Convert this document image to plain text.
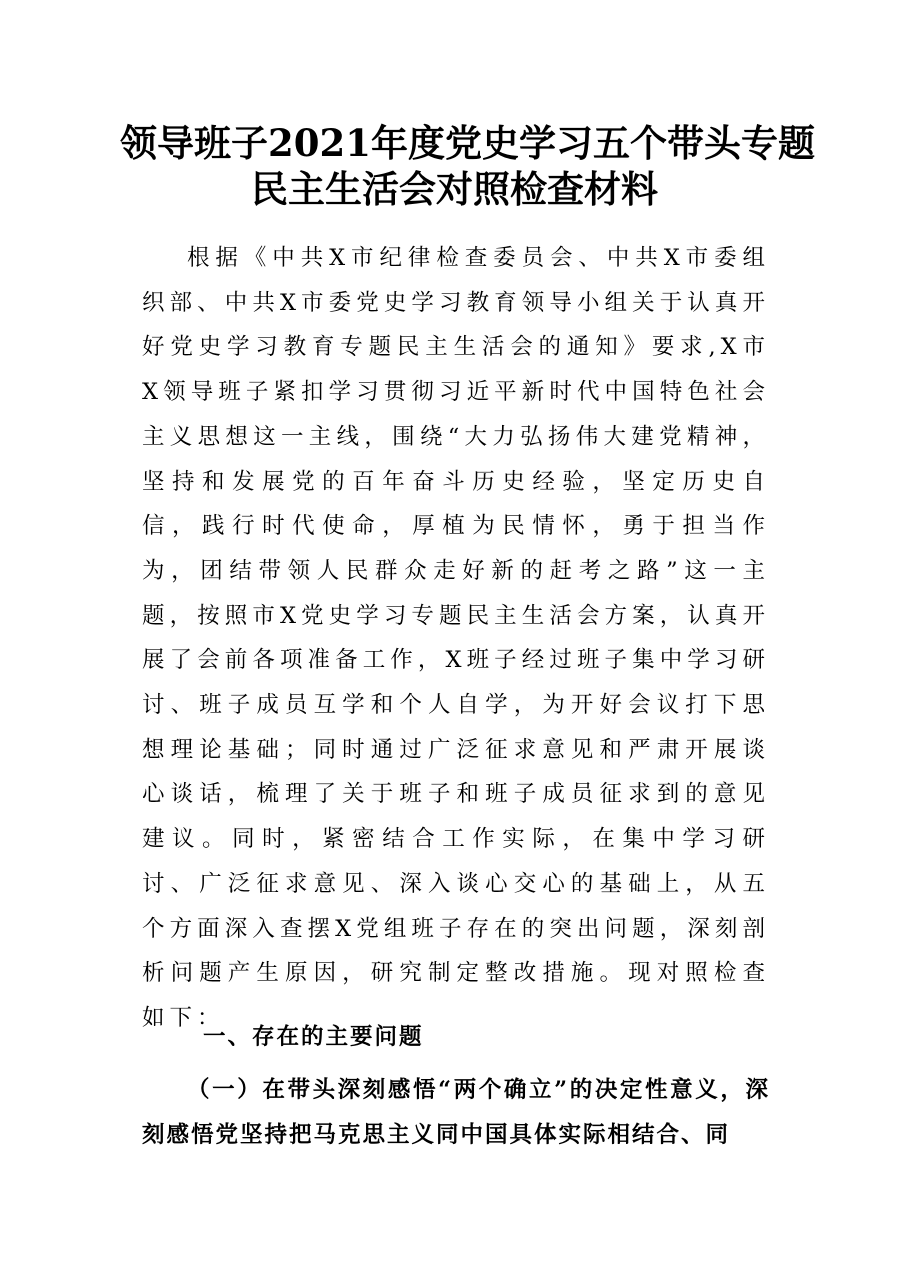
领导班子2021年度党史学习五个带头专题
民主生活会对照检查材料

根据《中共X市纪律检查委员会、中共X市委组织部、中共X市委党史学习教育领导小组关于认真开好党史学习教育专题民主生活会的通知》要求,X市X领导班子紧扣学习贯彻习近平新时代中国特色社会主义思想这一主线，围绕“大力弘扬伟大建党精神，坚持和发展党的百年奋斗历史经验，坚定历史自信，践行时代使命，厚植为民情怀，勇于担当作为，团结带领人民群众走好新的赶考之路”这一主题，按照市X党史学习专题民主生活会方案，认真开展了会前各项准备工作，X班子经过班子集中学习研讨、班子成员互学和个人自学，为开好会议打下思想理论基础；同时通过广泛征求意见和严肃开展谈心谈话，梳理了关于班子和班子成员征求到的意见建议。同时，紧密结合工作实际，在集中学习研讨、广泛征求意见、深入谈心交心的基础上，从五个方面深入查摆X党组班子存在的突出问题，深刻剖析问题产生原因，研究制定整改措施。现对照检查如下：

一、存在的主要问题

（一）在带头深刻感悟“两个确立”的决定性意义，深刻感悟党坚持把马克思主义同中国具体实际相结合、同
